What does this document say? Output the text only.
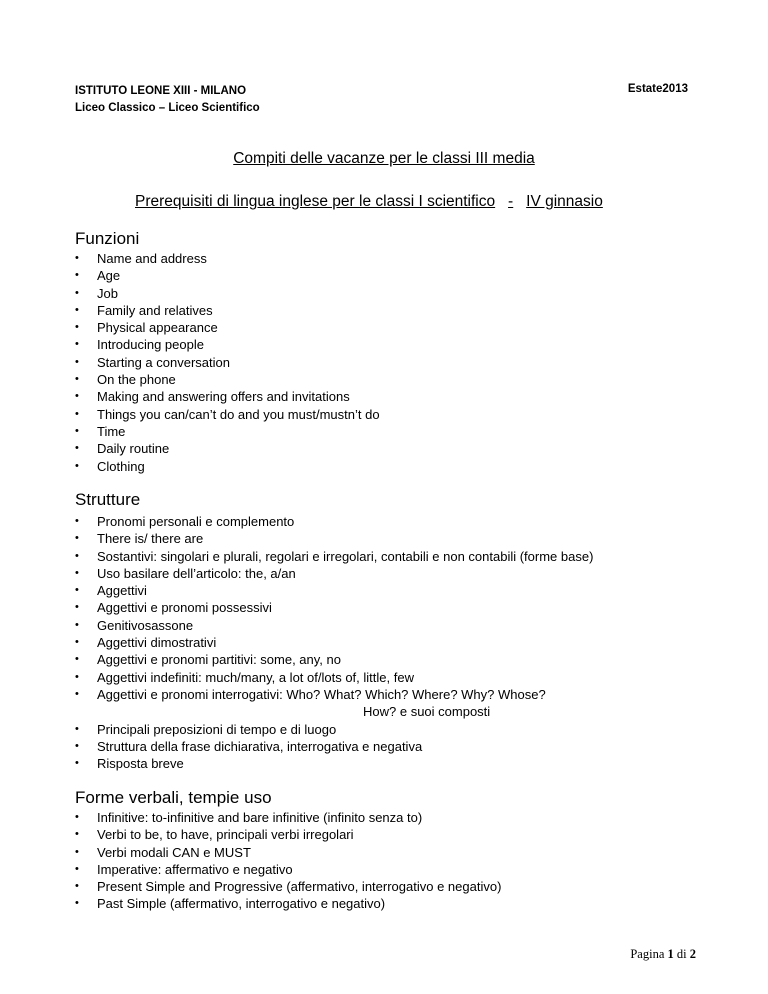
ISTITUTO LEONE XIII - MILANO
Liceo Classico – Liceo Scientifico
Estate2013
Compiti delle vacanze per le classi III media
Prerequisiti di lingua inglese per le classi I scientifico - IV ginnasio
Funzioni
• Name and address
• Age
• Job
• Family and relatives
• Physical appearance
• Introducing people
• Starting a conversation
• On the phone
• Making and answering offers and invitations
• Things you can/can’t do and you must/mustn’t do
• Time
• Daily routine
• Clothing
Strutture
• Pronomi personali e complemento
• There is/ there are
• Sostantivi: singolari e plurali, regolari e irregolari, contabili e non contabili (forme base)
• Uso basilare dell’articolo: the, a/an
• Aggettivi
• Aggettivi e pronomi possessivi
• Genitivosassone
• Aggettivi dimostrativi
• Aggettivi e pronomi partitivi: some, any, no
• Aggettivi indefiniti: much/many, a lot of/lots of, little, few
• Aggettivi e pronomi interrogativi: Who? What? Which? Where? Why? Whose?
How? e suoi composti
• Principali preposizioni di tempo e di luogo
• Struttura della frase dichiarativa, interrogativa e negativa
• Risposta breve
Forme verbali, tempie uso
• Infinitive: to-infinitive and bare infinitive (infinito senza to)
• Verbi to be, to have, principali verbi irregolari
• Verbi modali CAN e MUST
• Imperative: affermativo e negativo
• Present Simple and Progressive (affermativo, interrogativo e negativo)
• Past Simple (affermativo, interrogativo e negativo)
Pagina 1 di 2
